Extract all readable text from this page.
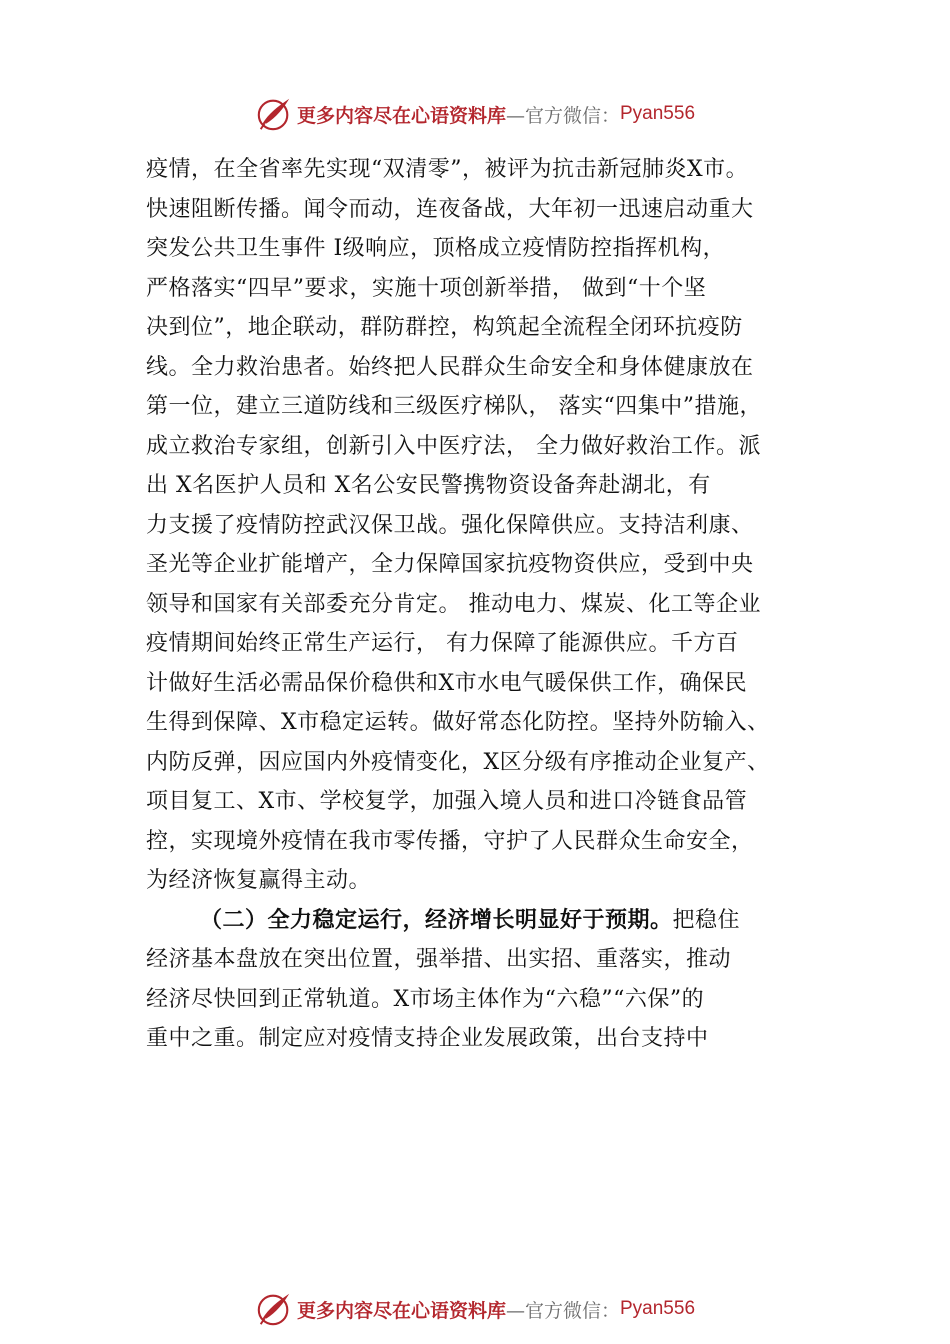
更多内容尽在心语资料库 —官方微信： Pyan556
疫情，在全省率先实现“双清零”，被评为抗击新冠肺炎X市。
快速阻断传播。闻令而动，连夜备战，大年初一迅速启动重大
突发公共卫生事件 I级响应，顶格成立疫情防控指挥机构，
严格落实“四早”要求，实施十项创新举措， 做到“十个坚
决到位”，地企联动，群防群控，构筑起全流程全闭环抗疫防
线。全力救治患者。始终把人民群众生命安全和身体健康放在
第一位，建立三道防线和三级医疗梯队， 落实“四集中”措施，
成立救治专家组，创新引入中医疗法， 全力做好救治工作。派
出 X名医护人员和 X名公安民警携物资设备奔赴湖北，有
力支援了疫情防控武汉保卫战。强化保障供应。支持洁利康、
圣光等企业扩能增产，全力保障国家抗疫物资供应，受到中央
领导和国家有关部委充分肯定。 推动电力、煤炭、化工等企业
疫情期间始终正常生产运行， 有力保障了能源供应。千方百
计做好生活必需品保价稳供和X市水电气暖保供工作，确保民
生得到保障、X市稳定运转。做好常态化防控。坚持外防输入、
内防反弹，因应国内外疫情变化，X区分级有序推动企业复产、
项目复工、X市、学校复学，加强入境人员和进口冷链食品管
控，实现境外疫情在我市零传播，守护了人民群众生命安全，
为经济恢复赢得主动。
（二）全力稳定运行，经济增长明显好于预期。把稳住
经济基本盘放在突出位置，强举措、出实招、重落实，推动
经济尽快回到正常轨道。X市场主体作为“六稳”“六保”的
重中之重。制定应对疫情支持企业发展政策，出台支持中
更多内容尽在心语资料库 —官方微信： Pyan556
